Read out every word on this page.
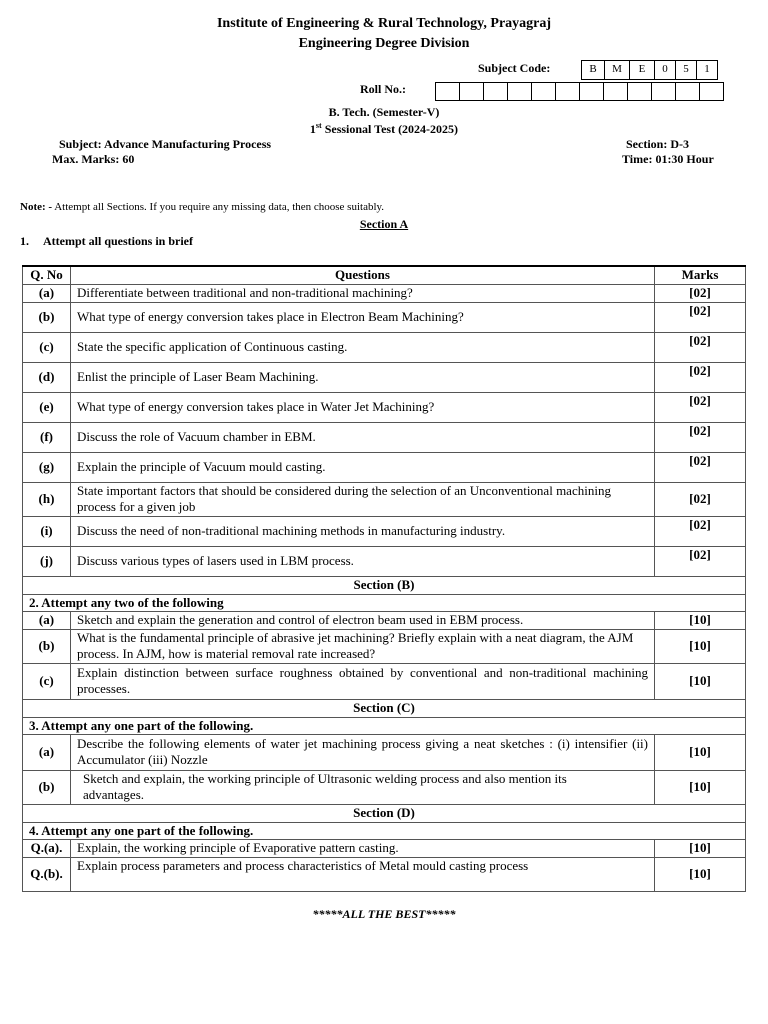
Institute of Engineering & Rural Technology, Prayagraj
Engineering Degree Division
Subject Code:	B	M	E	0	5	1
Roll No.:
B. Tech. (Semester-V)
1st Sessional Test (2024-2025)
Subject: Advance Manufacturing Process	Section: D-3
Max. Marks: 60	Time: 01:30 Hour
Note: - Attempt all Sections. If you require any missing data, then choose suitably.
Section A
1. Attempt all questions in brief
Q. No	Questions	Marks
(a)	Differentiate between traditional and non-traditional machining?	[02]
(b)	What type of energy conversion takes place in Electron Beam Machining?	[02]
(c)	State the specific application of Continuous casting.	[02]
(d)	Enlist the principle of Laser Beam Machining.	[02]
(e)	What type of energy conversion takes place in Water Jet Machining?	[02]
(f)	Discuss the role of Vacuum chamber in EBM.	[02]
(g)	Explain the principle of Vacuum mould casting.	[02]
(h)	State important factors that should be considered during the selection of an Unconventional machining process for a given job	[02]
(i)	Discuss the need of non-traditional machining methods in manufacturing industry.	[02]
(j)	Discuss various types of lasers used in LBM process.	[02]
Section (B)		
2. Attempt any two of the following		
(a)	Sketch and explain the generation and control of electron beam used in EBM process.	[10]
(b)	What is the fundamental principle of abrasive jet machining? Briefly explain with a neat diagram, the AJM process. In AJM, how is material removal rate increased?	[10]
(c)	Explain distinction between surface roughness obtained by conventional and non-traditional machining processes.	[10]
Section (C)		
3. Attempt any one part of the following.		
(a)	Describe the following elements of water jet machining process giving a neat sketches : (i) intensifier (ii) Accumulator (iii) Nozzle	[10]
(b)	Sketch and explain, the working principle of Ultrasonic welding process and also mention its advantages.	[10]
Section (D)		
4. Attempt any one part of the following.		
Q.(a).	Explain, the working principle of Evaporative pattern casting.	[10]
Q.(b).	Explain process parameters and process characteristics of Metal mould casting process	[10]
*****ALL THE BEST*****
